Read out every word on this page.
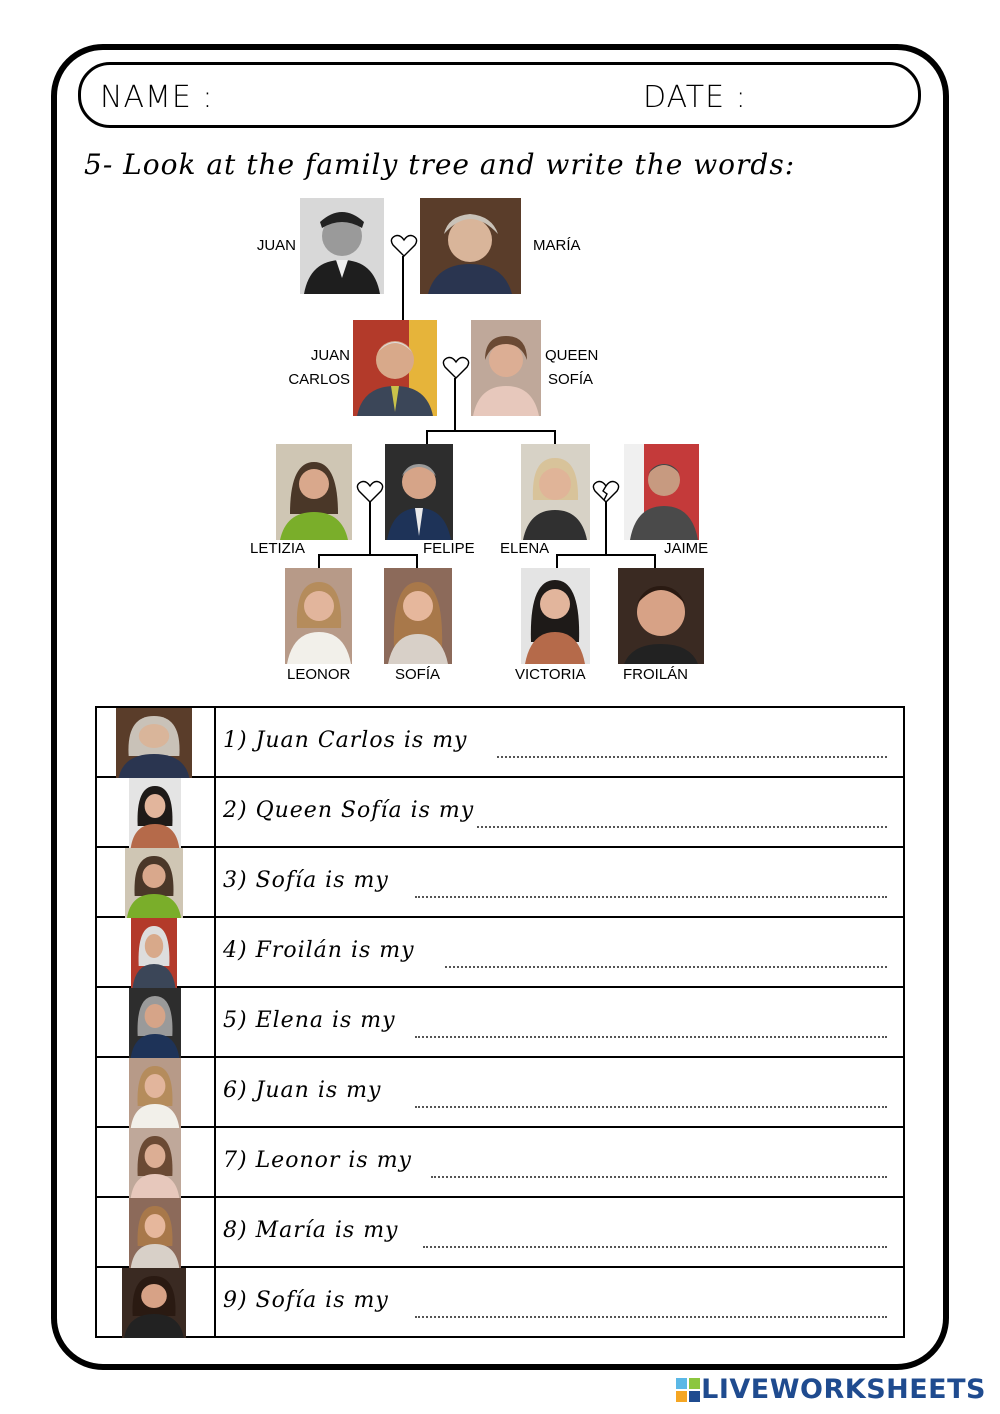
NAME :	DATE :
5- Look at the family tree and write the words:
JUAN	MARÍA
JUAN
CARLOS
QUEEN
SOFÍA
LETIZIA	FELIPE ELENA	JAIME
LEONOR	SOFÍA	VICTORIA FROILÁN

1) Juan Carlos is my

2) Queen Sofía is my

3) Sofía is my

4) Froilán is my

5) Elena is my

6) Juan is my

7) Leonor is my

8) María is my

9) Sofía is my
LIVEWORKSHEETS
